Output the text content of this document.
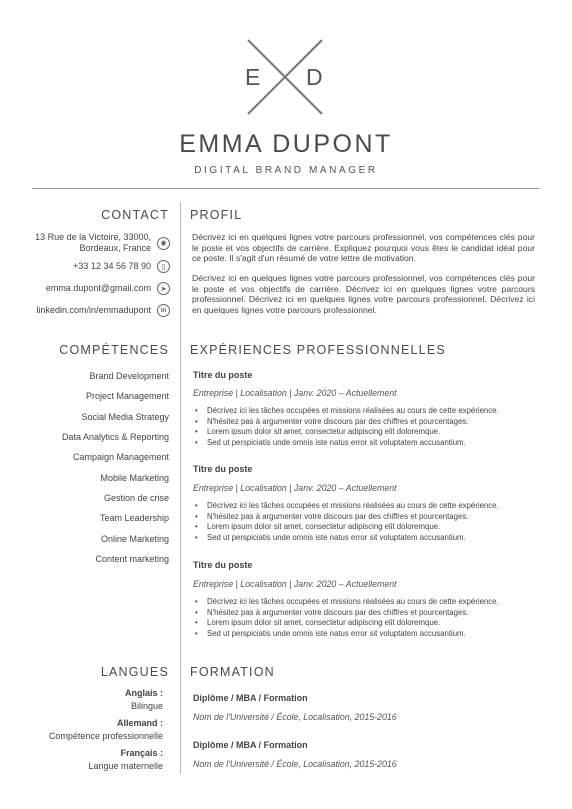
E D
EMMA DUPONT
DIGITAL BRAND MANAGER
CONTACT
13 Rue de la Victoire, 33000,
Bordeaux, France	◉
+33 12 34 56 78 90	▯
emma.dupont@gmail.com	➤
linkedin.com/in/emmadupont	in
PROFIL
Décrivez ici en quelques lignes votre parcours professionnel, vos compétences clés pour le poste et vos objectifs de carrière. Expliquez pourquoi vous êtes le candidat idéal pour ce poste. Il s'agit d'un résumé de votre lettre de motivation.
Décrivez ici en quelques lignes votre parcours professionnel, vos compétences clés pour le poste et vos objectifs de carrière. Décrivez ici en quelques lignes votre parcours professionnel. Décrivez ici en quelques lignes votre parcours professionnel. Décrivez ici en quelques lignes votre parcours professionnel.
COMPÉTENCES
Brand Development
Project Management
Social Media Strategy
Data Analytics & Reporting
Campaign Management
Mobile Marketing
Gestion de crise
Team Leadership
Online Marketing
Content marketing
EXPÉRIENCES PROFESSIONNELLES
Titre du poste
Entreprise | Localisation | Janv. 2020 – Actuellement
• Décrivez ici les tâches occupées et missions réalisées au cours de cette expérience.
• N'hésitez pas à argumenter votre discours par des chiffres et pourcentages.
• Lorem ipsum dolor sit amet, consectetur adipiscing elit doloremque.
• Sed ut perspiciatis unde omnis iste natus error sit voluptatem accusantium.
Titre du poste
Entreprise | Localisation | Janv. 2020 – Actuellement
• Décrivez ici les tâches occupées et missions réalisées au cours de cette expérience.
• N'hésitez pas à argumenter votre discours par des chiffres et pourcentages.
• Lorem ipsum dolor sit amet, consectetur adipiscing elit doloremque.
• Sed ut perspiciatis unde omnis iste natus error sit voluptatem accusantium.
Titre du poste
Entreprise | Localisation | Janv. 2020 – Actuellement
• Décrivez ici les tâches occupées et missions réalisées au cours de cette expérience.
• N'hésitez pas à argumenter votre discours par des chiffres et pourcentages.
• Lorem ipsum dolor sit amet, consectetur adipiscing elit doloremque.
• Sed ut perspiciatis unde omnis iste natus error sit voluptatem accusantium.
LANGUES
Anglais :
Bilingue
Allemand :
Compétence professionnelle
Français :
Langue maternelle
FORMATION
Diplôme / MBA / Formation
Nom de l'Université / École, Localisation, 2015-2016
Diplôme / MBA / Formation
Nom de l'Université / École, Localisation, 2015-2016
